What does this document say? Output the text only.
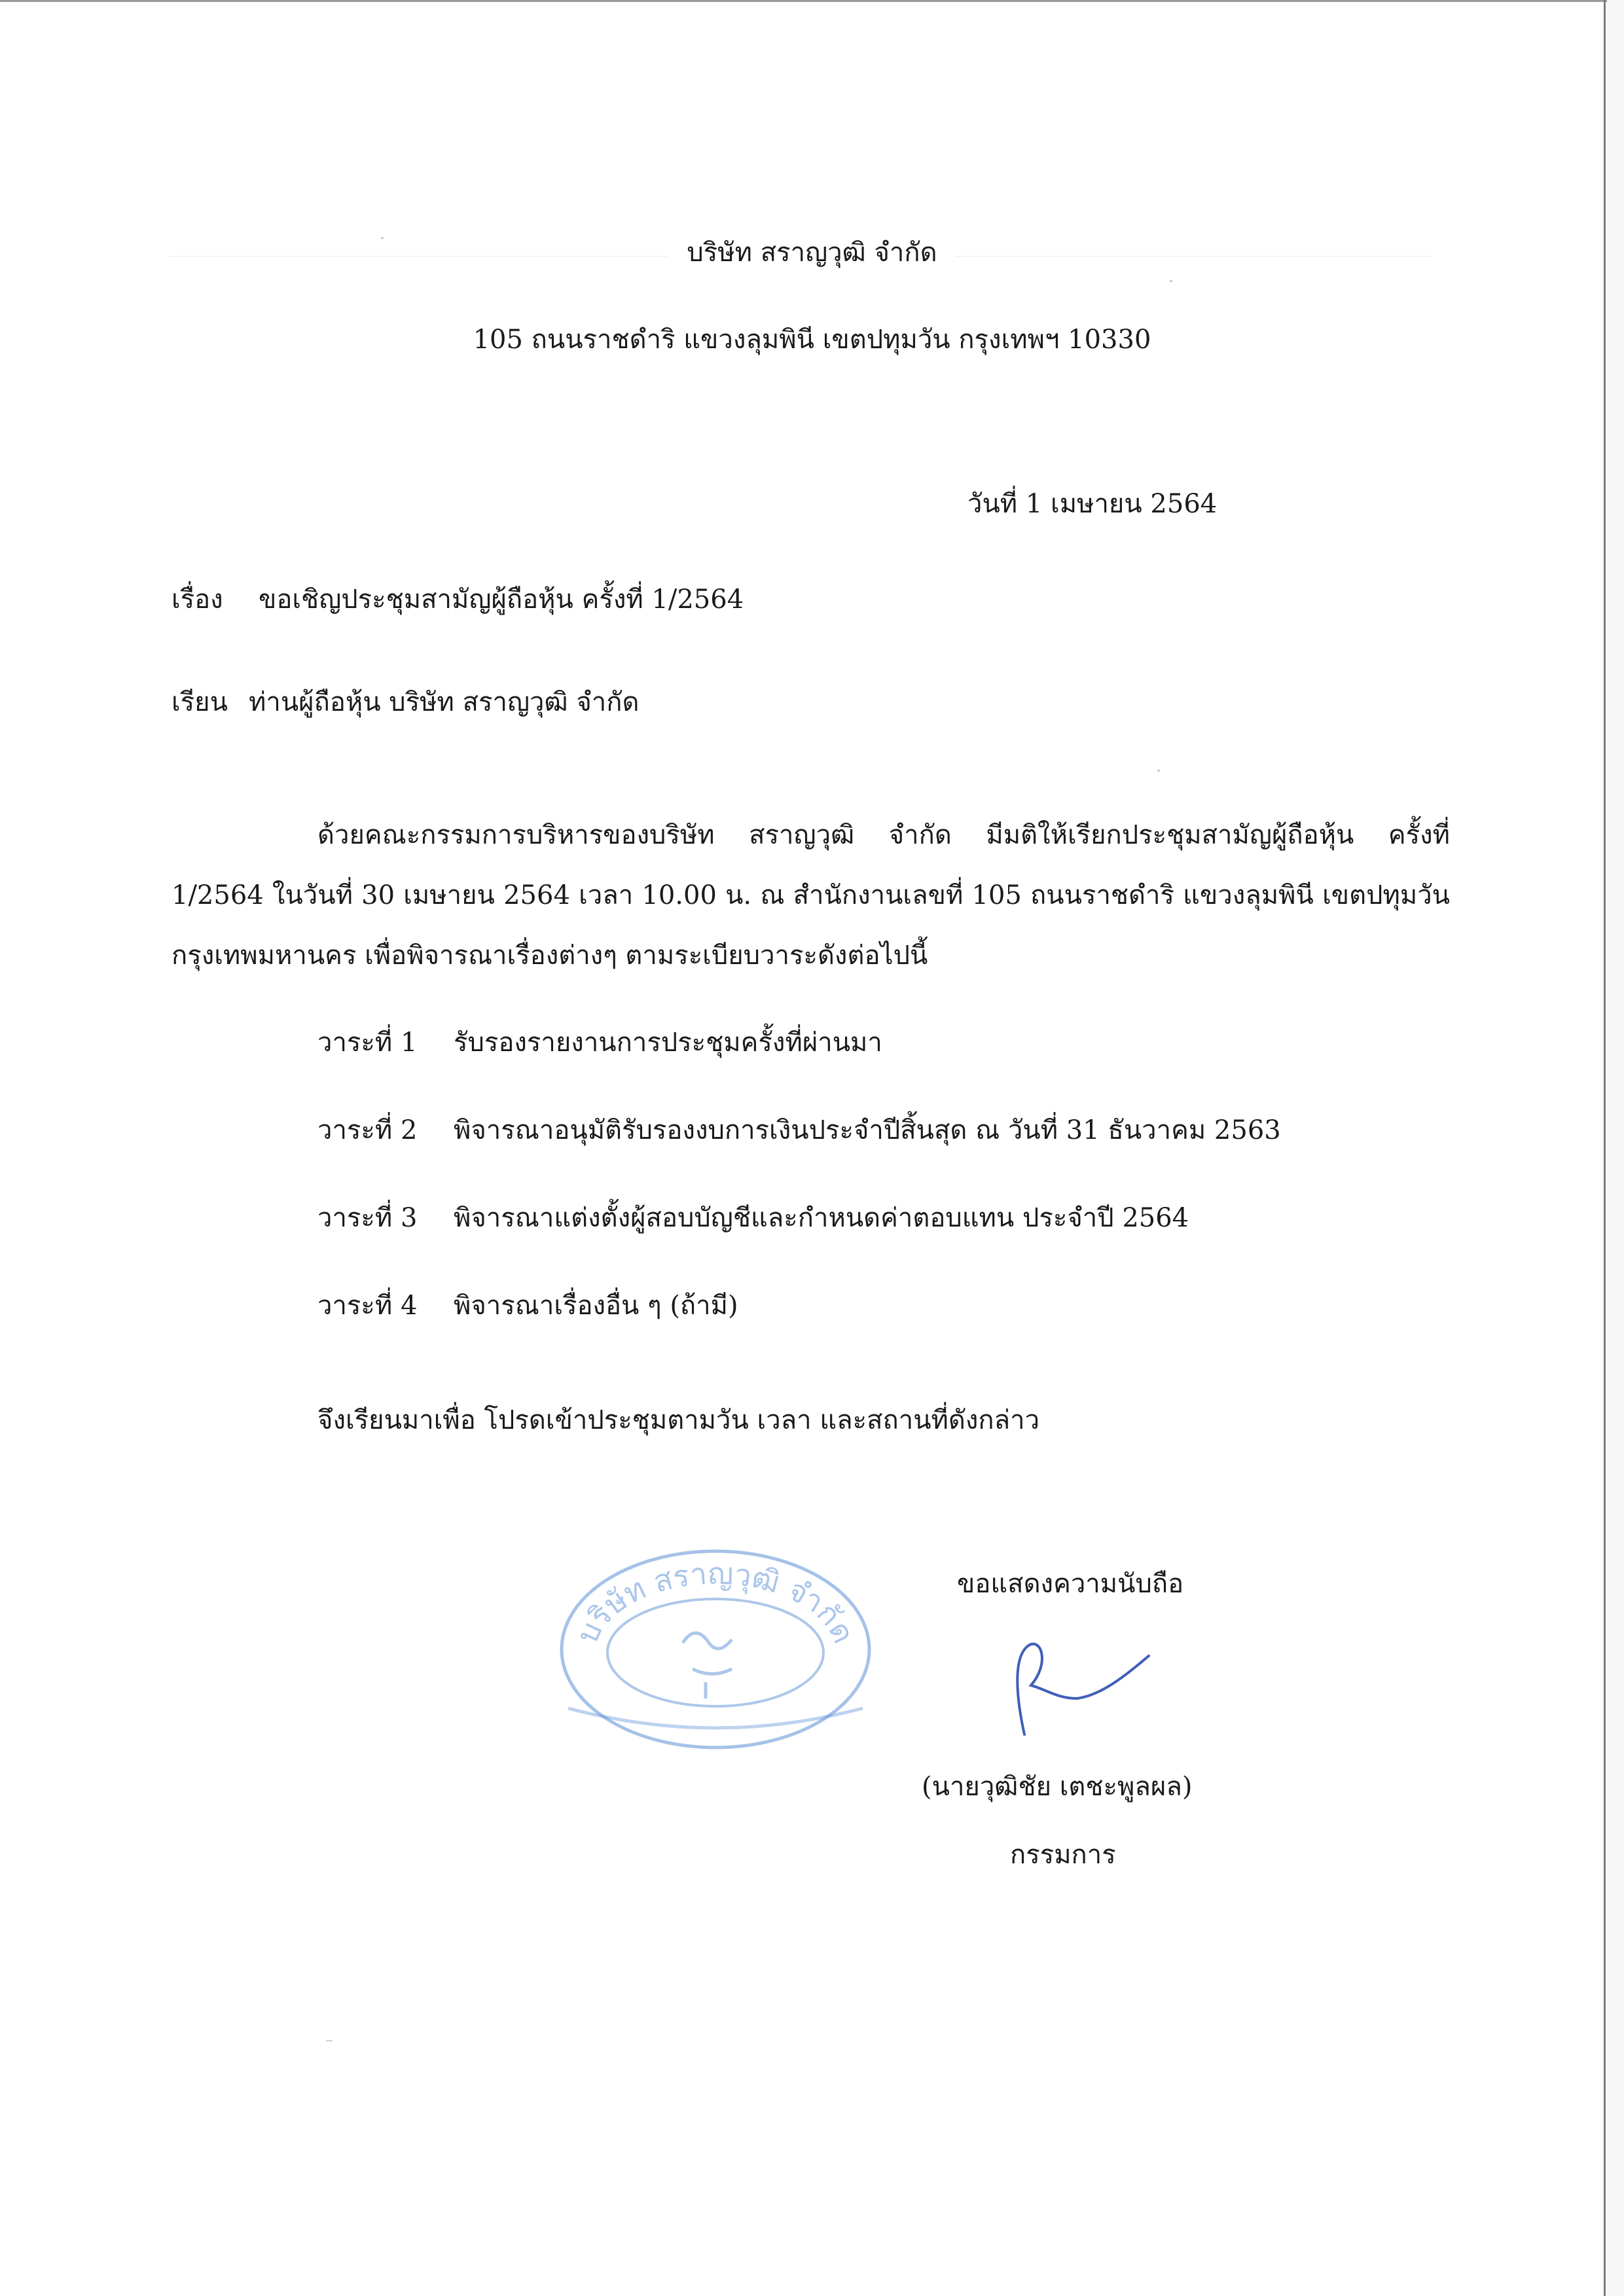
บริษัท สราญวุฒิ จำกัด
105 ถนนราชดำริ แขวงลุมพินี เขตปทุมวัน กรุงเทพฯ 10330
วันที่ 1 เมษายน 2564
เรื่อง ขอเชิญประชุมสามัญผู้ถือหุ้น ครั้งที่ 1/2564
เรียน ท่านผู้ถือหุ้น บริษัท สราญวุฒิ จำกัด
ด้วยคณะกรรมการบริหารของบริษัท สราญวุฒิ จำกัด มีมติให้เรียกประชุมสามัญผู้ถือหุ้น ครั้งที่
1/2564 ในวันที่ 30 เมษายน 2564 เวลา 10.00 น. ณ สำนักงานเลขที่ 105 ถนนราชดำริ แขวงลุมพินี เขตปทุมวัน
กรุงเทพมหานคร เพื่อพิจารณาเรื่องต่างๆ ตามระเบียบวาระดังต่อไปนี้
วาระที่ 1 รับรองรายงานการประชุมครั้งที่ผ่านมา
วาระที่ 2 พิจารณาอนุมัติรับรองงบการเงินประจำปีสิ้นสุด ณ วันที่ 31 ธันวาคม 2563
วาระที่ 3 พิจารณาแต่งตั้งผู้สอบบัญชีและกำหนดค่าตอบแทน ประจำปี 2564
วาระที่ 4 พิจารณาเรื่องอื่น ๆ (ถ้ามี)
จึงเรียนมาเพื่อ โปรดเข้าประชุมตามวัน เวลา และสถานที่ดังกล่าว
บริษัท สราญวุฒิ จำกัด
ขอแสดงความนับถือ
(นายวุฒิชัย เตชะพูลผล)
กรรมการ
